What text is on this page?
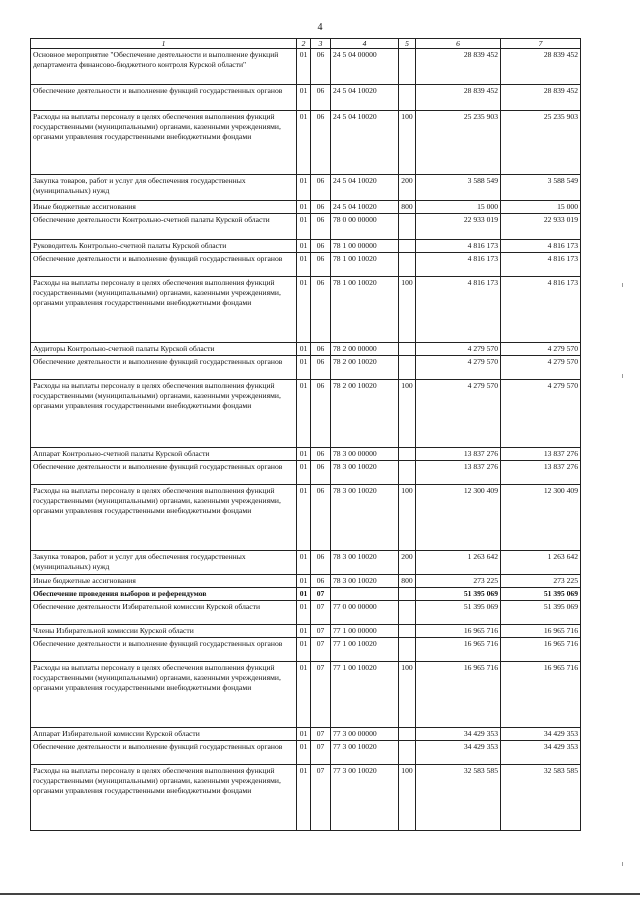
4
1	2	3	4	5	6	7
Основное мероприятие "Обеспечение деятельности и выполнение функций департамента финансово-бюджетного контроля Курской области"	01	06	24 5 04 00000		28 839 452	28 839 452
Обеспечение деятельности и выполнение функций государственных органов	01	06	24 5 04 10020		28 839 452	28 839 452
Расходы на выплаты персоналу в целях обеспечения выполнения функций государственными (муниципальными) органами, казенными учреждениями, органами управления государственными внебюджетными фондами	01	06	24 5 04 10020	100	25 235 903	25 235 903
Закупка товаров, работ и услуг для обеспечения государственных (муниципальных) нужд	01	06	24 5 04 10020	200	3 588 549	3 588 549
Иные бюджетные ассигнования	01	06	24 5 04 10020	800	15 000	15 000
Обеспечение деятельности Контрольно-счетной палаты Курской области	01	06	78 0 00 00000		22 933 019	22 933 019
Руководитель Контрольно-счетной палаты Курской области	01	06	78 1 00 00000		4 816 173	4 816 173
Обеспечение деятельности и выполнение функций государственных органов	01	06	78 1 00 10020		4 816 173	4 816 173
Расходы на выплаты персоналу в целях обеспечения выполнения функций государственными (муниципальными) органами, казенными учреждениями, органами управления государственными внебюджетными фондами	01	06	78 1 00 10020	100	4 816 173	4 816 173
Аудиторы Контрольно-счетной палаты Курской области	01	06	78 2 00 00000		4 279 570	4 279 570
Обеспечение деятельности и выполнение функций государственных органов	01	06	78 2 00 10020		4 279 570	4 279 570
Расходы на выплаты персоналу в целях обеспечения выполнения функций государственными (муниципальными) органами, казенными учреждениями, органами управления государственными внебюджетными фондами	01	06	78 2 00 10020	100	4 279 570	4 279 570
Аппарат Контрольно-счетной палаты Курской области	01	06	78 3 00 00000		13 837 276	13 837 276
Обеспечение деятельности и выполнение функций государственных органов	01	06	78 3 00 10020		13 837 276	13 837 276
Расходы на выплаты персоналу в целях обеспечения выполнения функций государственными (муниципальными) органами, казенными учреждениями, органами управления государственными внебюджетными фондами	01	06	78 3 00 10020	100	12 300 409	12 300 409
Закупка товаров, работ и услуг для обеспечения государственных (муниципальных) нужд	01	06	78 3 00 10020	200	1 263 642	1 263 642
Иные бюджетные ассигнования	01	06	78 3 00 10020	800	273 225	273 225
Обеспечение проведения выборов и референдумов	01	07			51 395 069	51 395 069
Обеспечение деятельности Избирательной комиссии Курской области	01	07	77 0 00 00000		51 395 069	51 395 069
Члены Избирательной комиссии Курской области	01	07	77 1 00 00000		16 965 716	16 965 716
Обеспечение деятельности и выполнение функций государственных органов	01	07	77 1 00 10020		16 965 716	16 965 716
Расходы на выплаты персоналу в целях обеспечения выполнения функций государственными (муниципальными) органами, казенными учреждениями, органами управления государственными внебюджетными фондами	01	07	77 1 00 10020	100	16 965 716	16 965 716
Аппарат Избирательной комиссии Курской области	01	07	77 3 00 00000		34 429 353	34 429 353
Обеспечение деятельности и выполнение функций государственных органов	01	07	77 3 00 10020		34 429 353	34 429 353
Расходы на выплаты персоналу в целях обеспечения выполнения функций государственными (муниципальными) органами, казенными учреждениями, органами управления государственными внебюджетными фондами	01	07	77 3 00 10020	100	32 583 585	32 583 585
